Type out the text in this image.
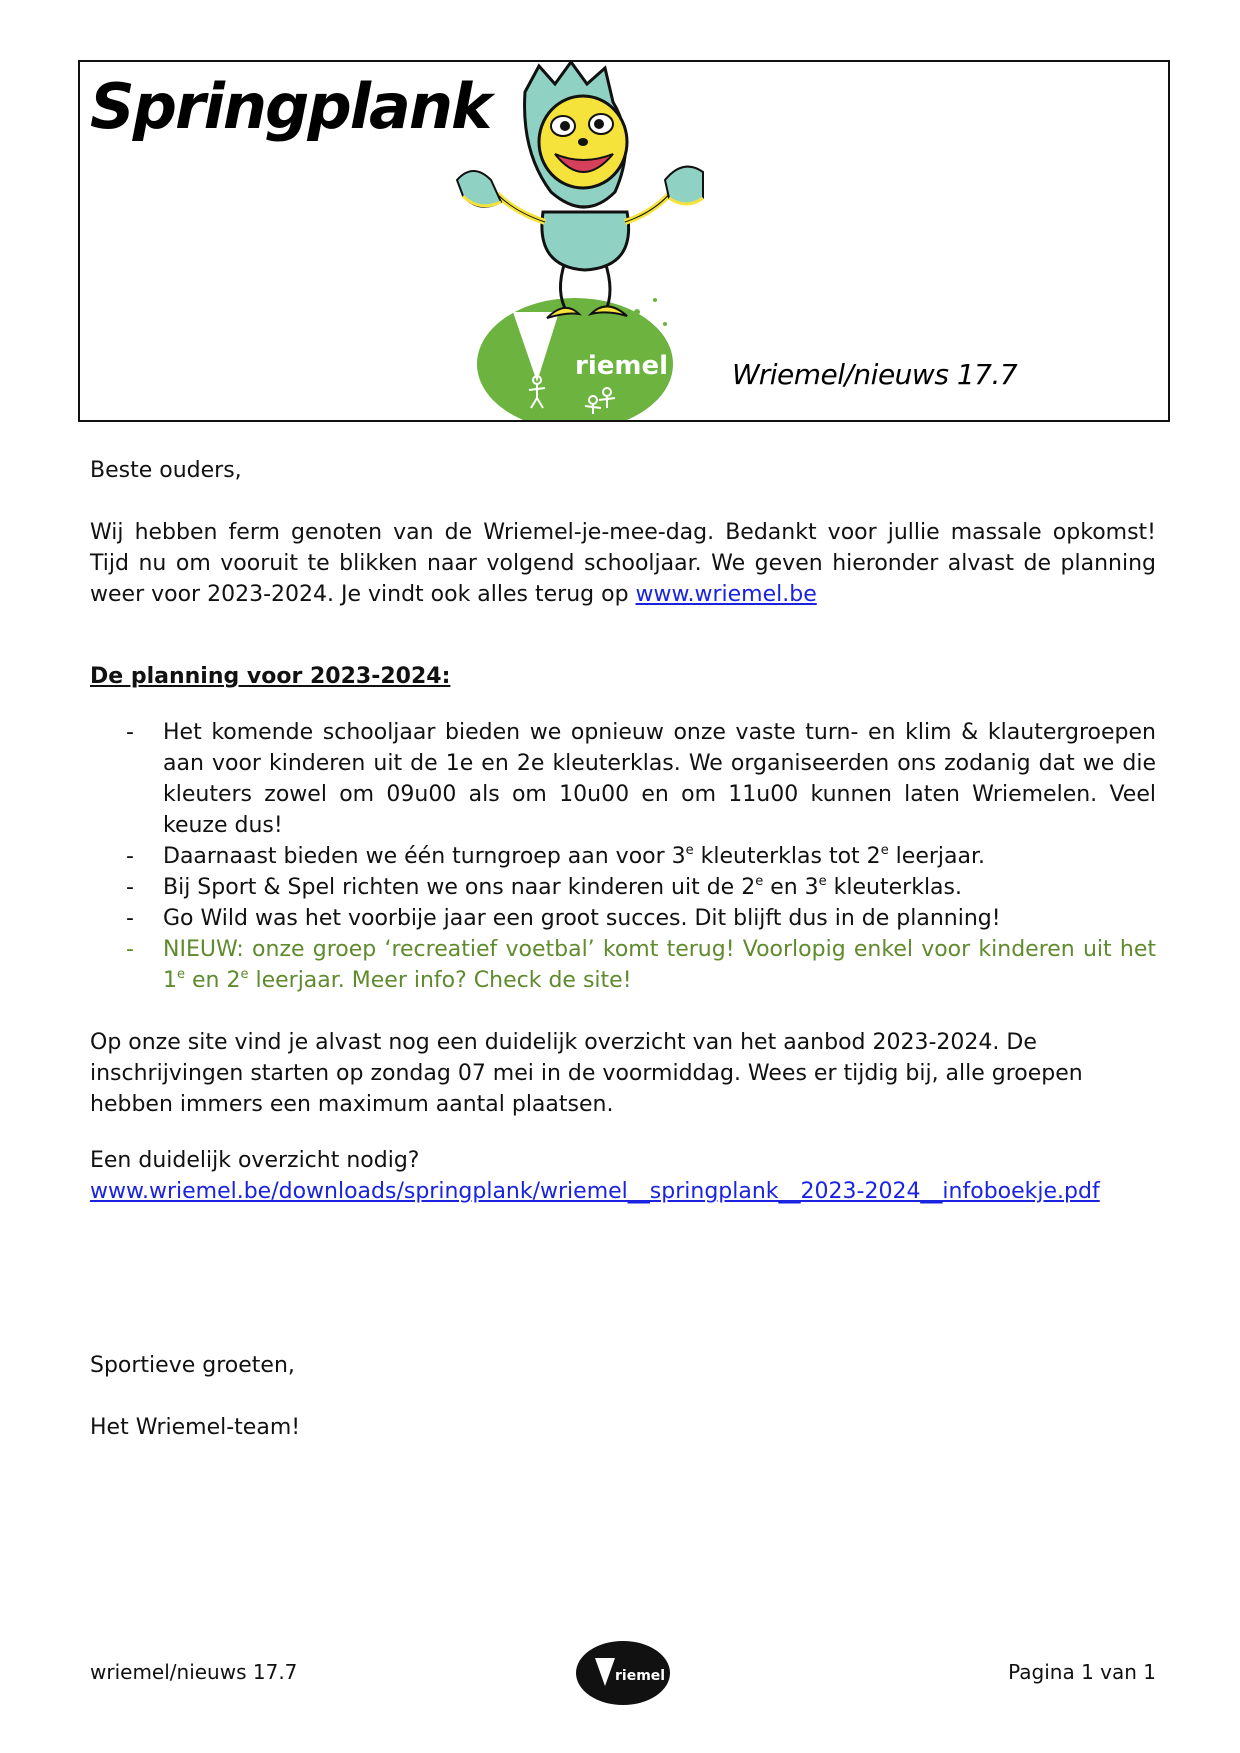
Springplank
riemel Wriemel/nieuws 17.7

Beste ouders,

Wij hebben ferm genoten van de Wriemel-je-mee-dag. Bedankt voor jullie massale opkomst! Tijd nu om vooruit te blikken naar volgend schooljaar. We geven hieronder alvast de planning weer voor 2023-2024. Je vindt ook alles terug op www.wriemel.be

De planning voor 2023-2024:

- Het komende schooljaar bieden we opnieuw onze vaste turn- en klim & klautergroepen aan voor kinderen uit de 1e en 2e kleuterklas. We organiseerden ons zodanig dat we die kleuters zowel om 09u00 als om 10u00 en om 11u00 kunnen laten Wriemelen. Veel keuze dus!
- Daarnaast bieden we één turngroep aan voor 3e kleuterklas tot 2e leerjaar.
- Bij Sport & Spel richten we ons naar kinderen uit de 2e en 3e kleuterklas.
- Go Wild was het voorbije jaar een groot succes. Dit blijft dus in de planning!
- NIEUW: onze groep ‘recreatief voetbal’ komt terug! Voorlopig enkel voor kinderen uit het 1e en 2e leerjaar. Meer info? Check de site!

Op onze site vind je alvast nog een duidelijk overzicht van het aanbod 2023-2024. De inschrijvingen starten op zondag 07 mei in de voormiddag. Wees er tijdig bij, alle groepen hebben immers een maximum aantal plaatsen.

Een duidelijk overzicht nodig?

www.wriemel.be/downloads/springplank/wriemel__springplank__2023-2024__infoboekje.pdf

Sportieve groeten,

Het Wriemel-team!

wriemel/nieuws 17.7	riemel	Pagina 1 van 1
